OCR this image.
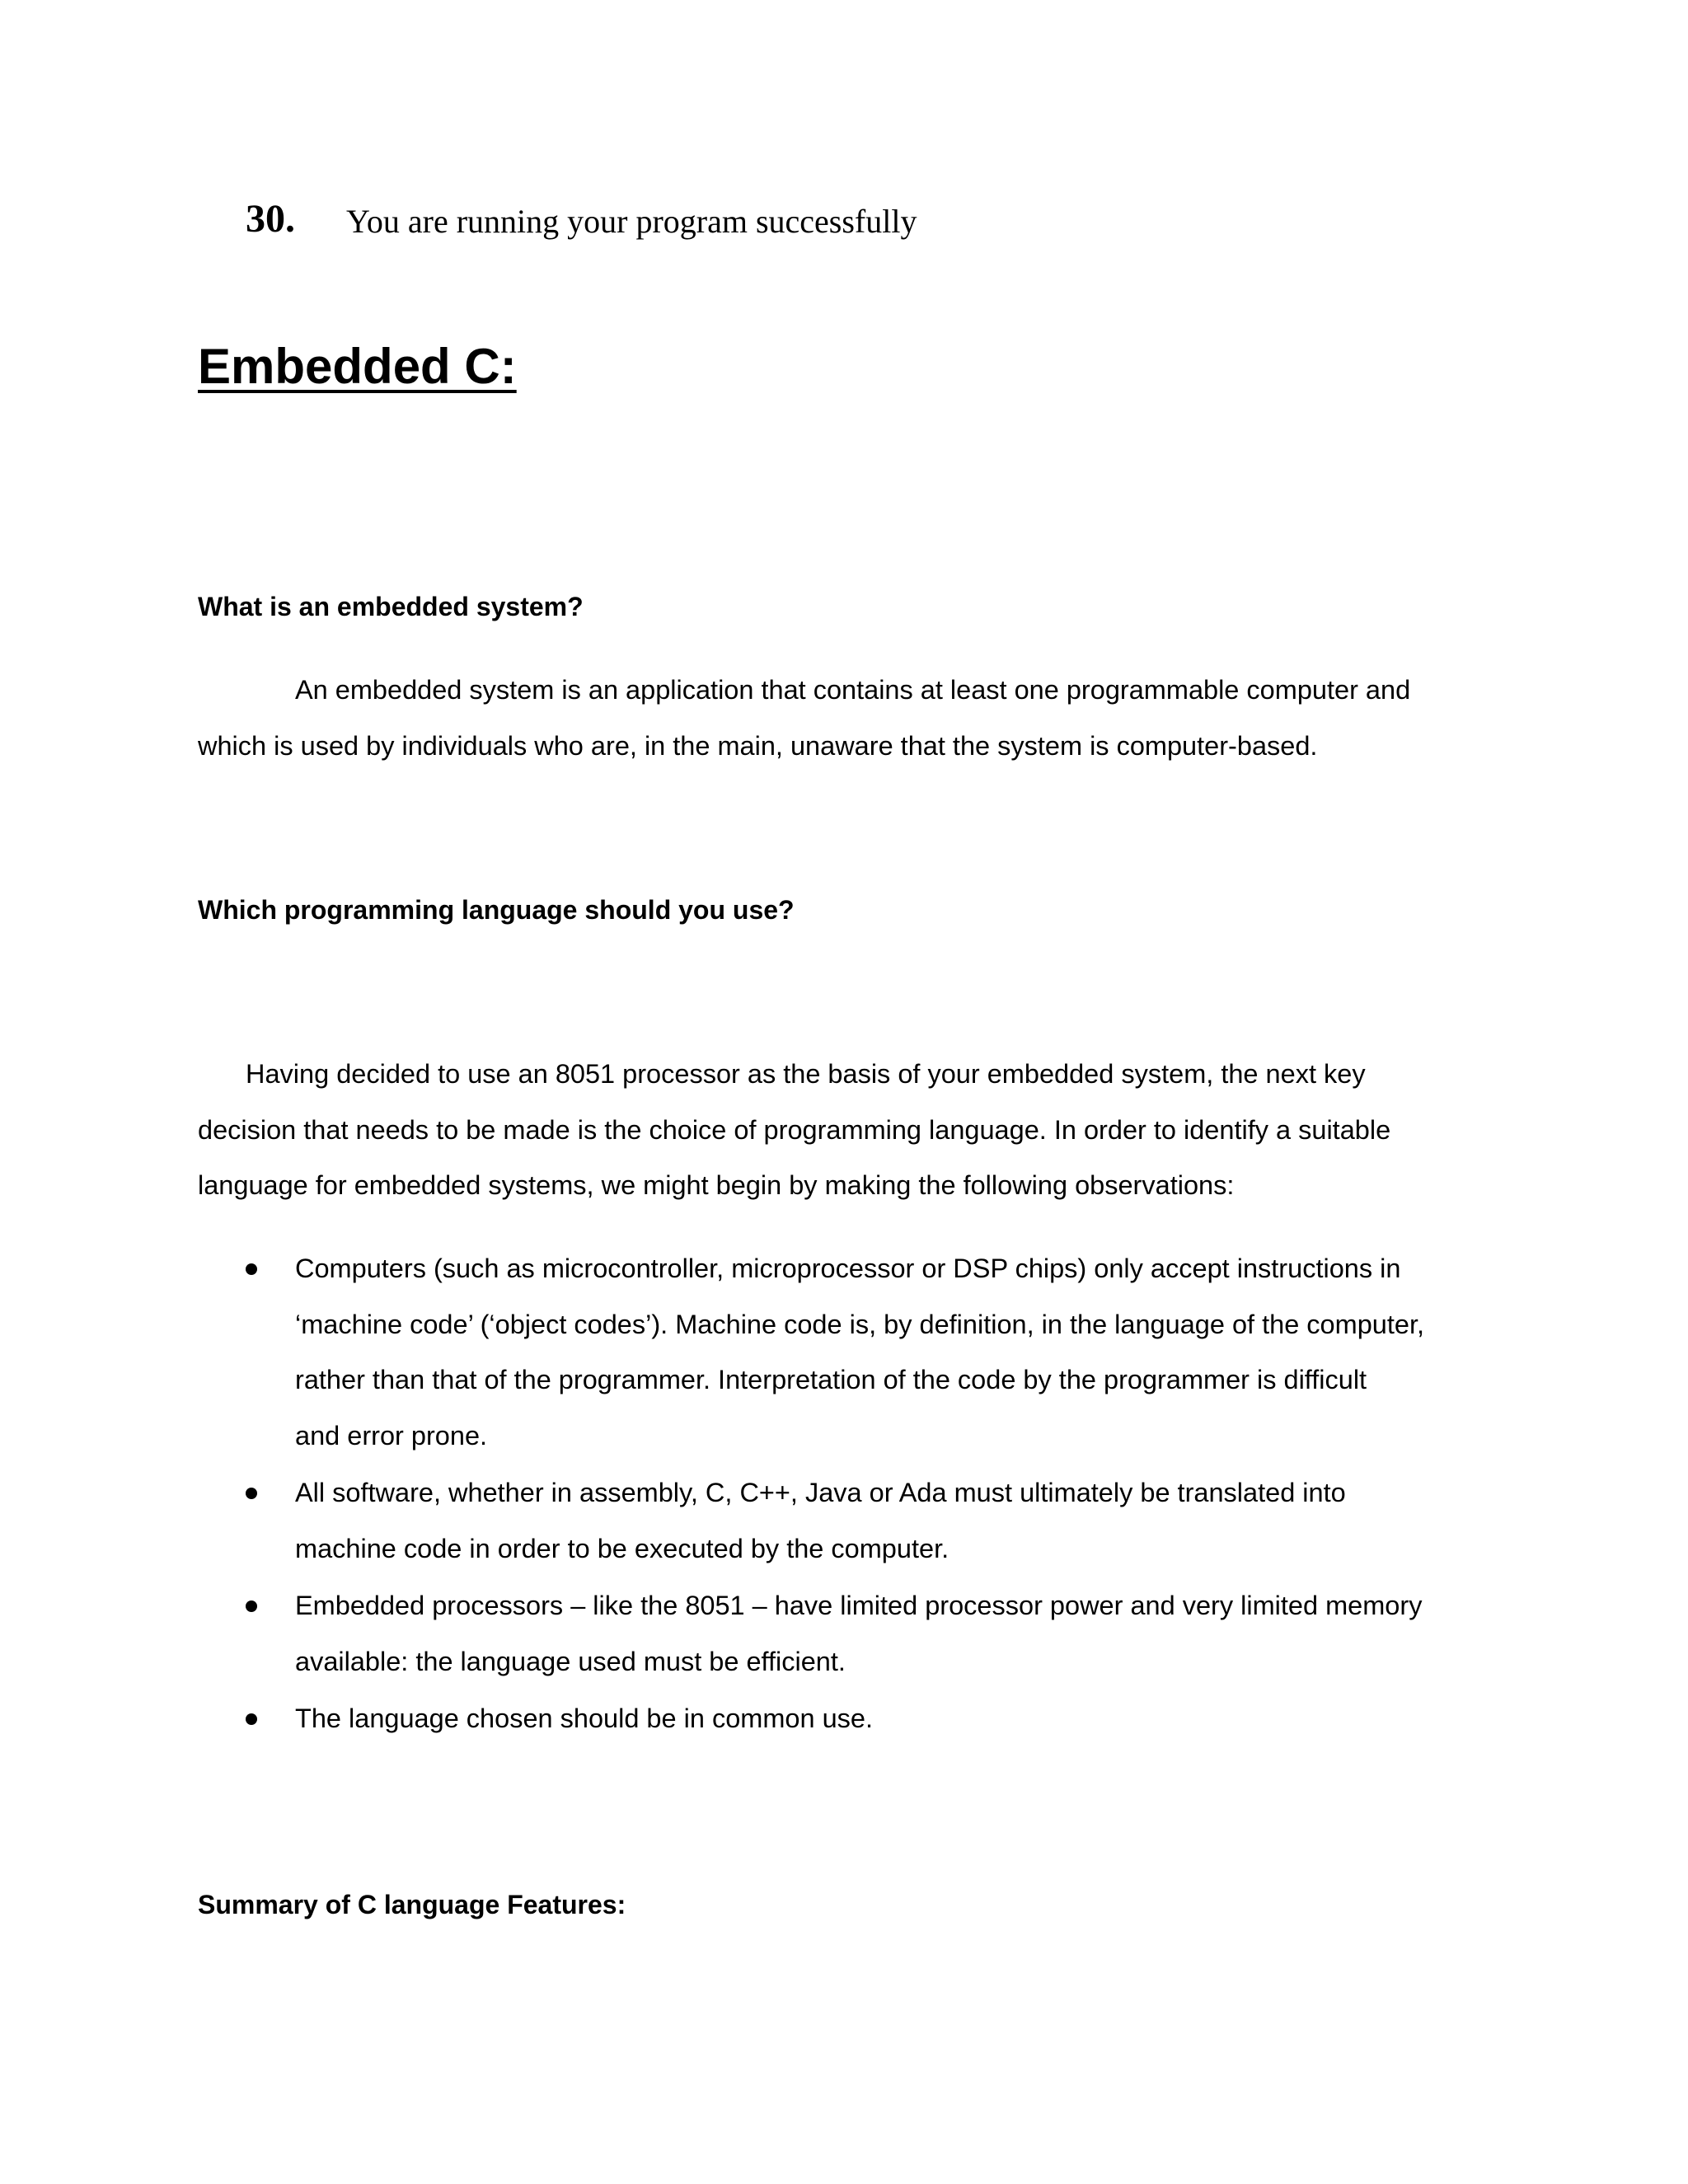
30. You are running your program successfully
Embedded C:
What is an embedded system?

An embedded system is an application that contains at least one programmable computer and
which is used by individuals who are, in the main, unaware that the system is computer-based.

Which programming language should you use?

Having decided to use an 8051 processor as the basis of your embedded system, the next key
decision that needs to be made is the choice of programming language. In order to identify a suitable
language for embedded systems, we might begin by making the following observations:

Computers (such as microcontroller, microprocessor or DSP chips) only accept instructions in
‘machine code’ (‘object codes’). Machine code is, by definition, in the language of the computer,
rather than that of the programmer. Interpretation of the code by the programmer is difficult
and error prone.
All software, whether in assembly, C, C++, Java or Ada must ultimately be translated into
machine code in order to be executed by the computer.
Embedded processors – like the 8051 – have limited processor power and very limited memory
available: the language used must be efficient.
The language chosen should be in common use.
Summary of C language Features:
